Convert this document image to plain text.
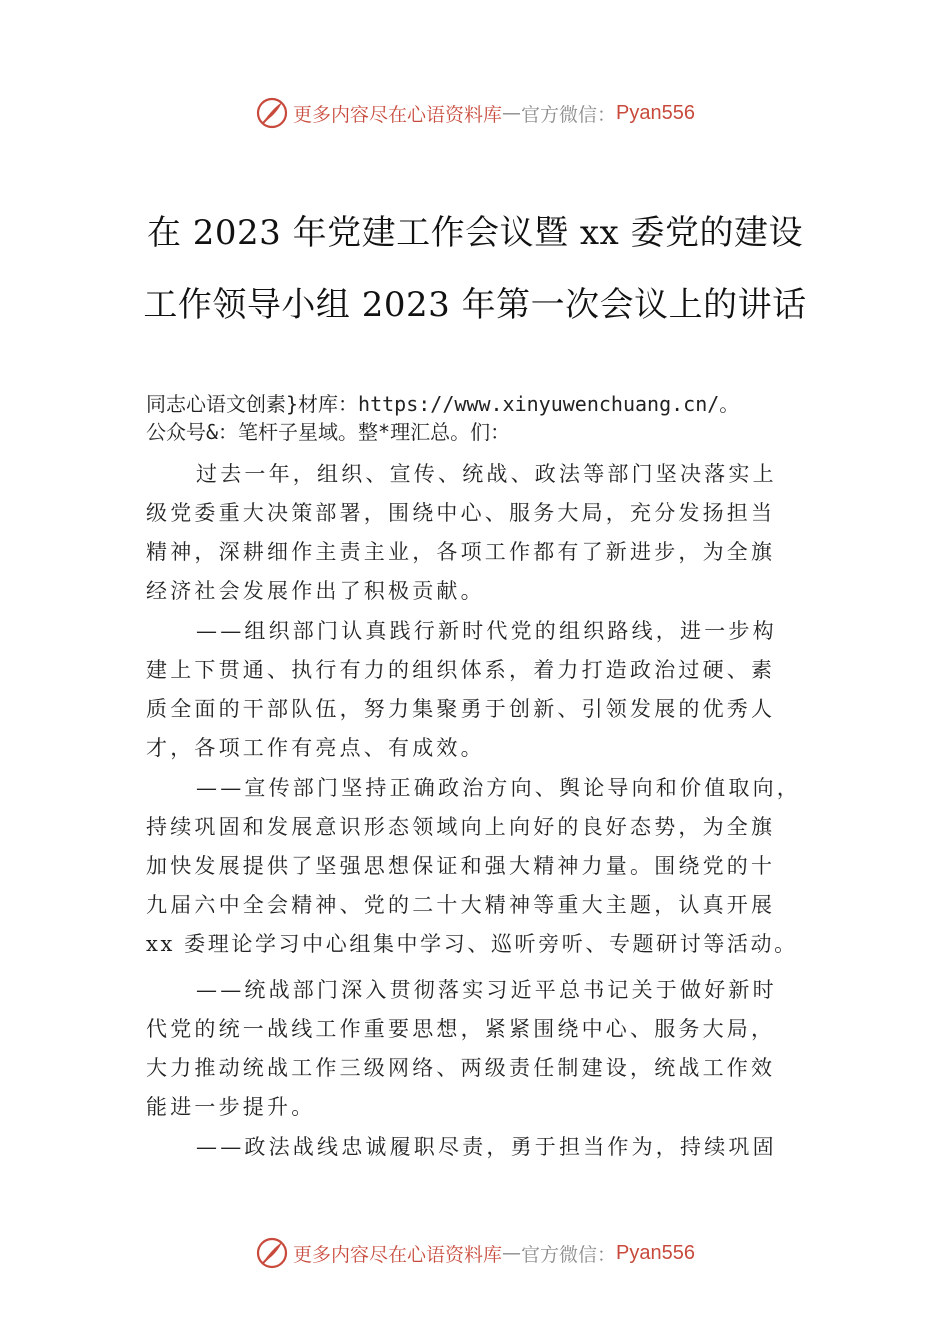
更多内容尽在心语资料库 — 官方微信： Pyan556
在 2023 年党建工作会议暨 xx 委党的建设
工作领导小组 2023 年第一次会议上的讲话
同志心语文创素}材库：https://www.xinyuwenchuang.cn/。
公众号&：笔杆子星域。整*理汇总。们：
过去一年，组织、宣传、统战、政法等部门坚决落实上
级党委重大决策部署，围绕中心、服务大局，充分发扬担当
精神，深耕细作主责主业，各项工作都有了新进步，为全旗
经济社会发展作出了积极贡献。
——组织部门认真践行新时代党的组织路线，进一步构
建上下贯通、执行有力的组织体系，着力打造政治过硬、素
质全面的干部队伍，努力集聚勇于创新、引领发展的优秀人
才，各项工作有亮点、有成效。
——宣传部门坚持正确政治方向、舆论导向和价值取向，
持续巩固和发展意识形态领域向上向好的良好态势，为全旗
加快发展提供了坚强思想保证和强大精神力量。围绕党的十
九届六中全会精神、党的二十大精神等重大主题，认真开展
xx 委理论学习中心组集中学习、巡听旁听、专题研讨等活动。
——统战部门深入贯彻落实习近平总书记关于做好新时
代党的统一战线工作重要思想，紧紧围绕中心、服务大局，
大力推动统战工作三级网络、两级责任制建设，统战工作效
能进一步提升。
——政法战线忠诚履职尽责，勇于担当作为，持续巩固
更多内容尽在心语资料库 — 官方微信： Pyan556
